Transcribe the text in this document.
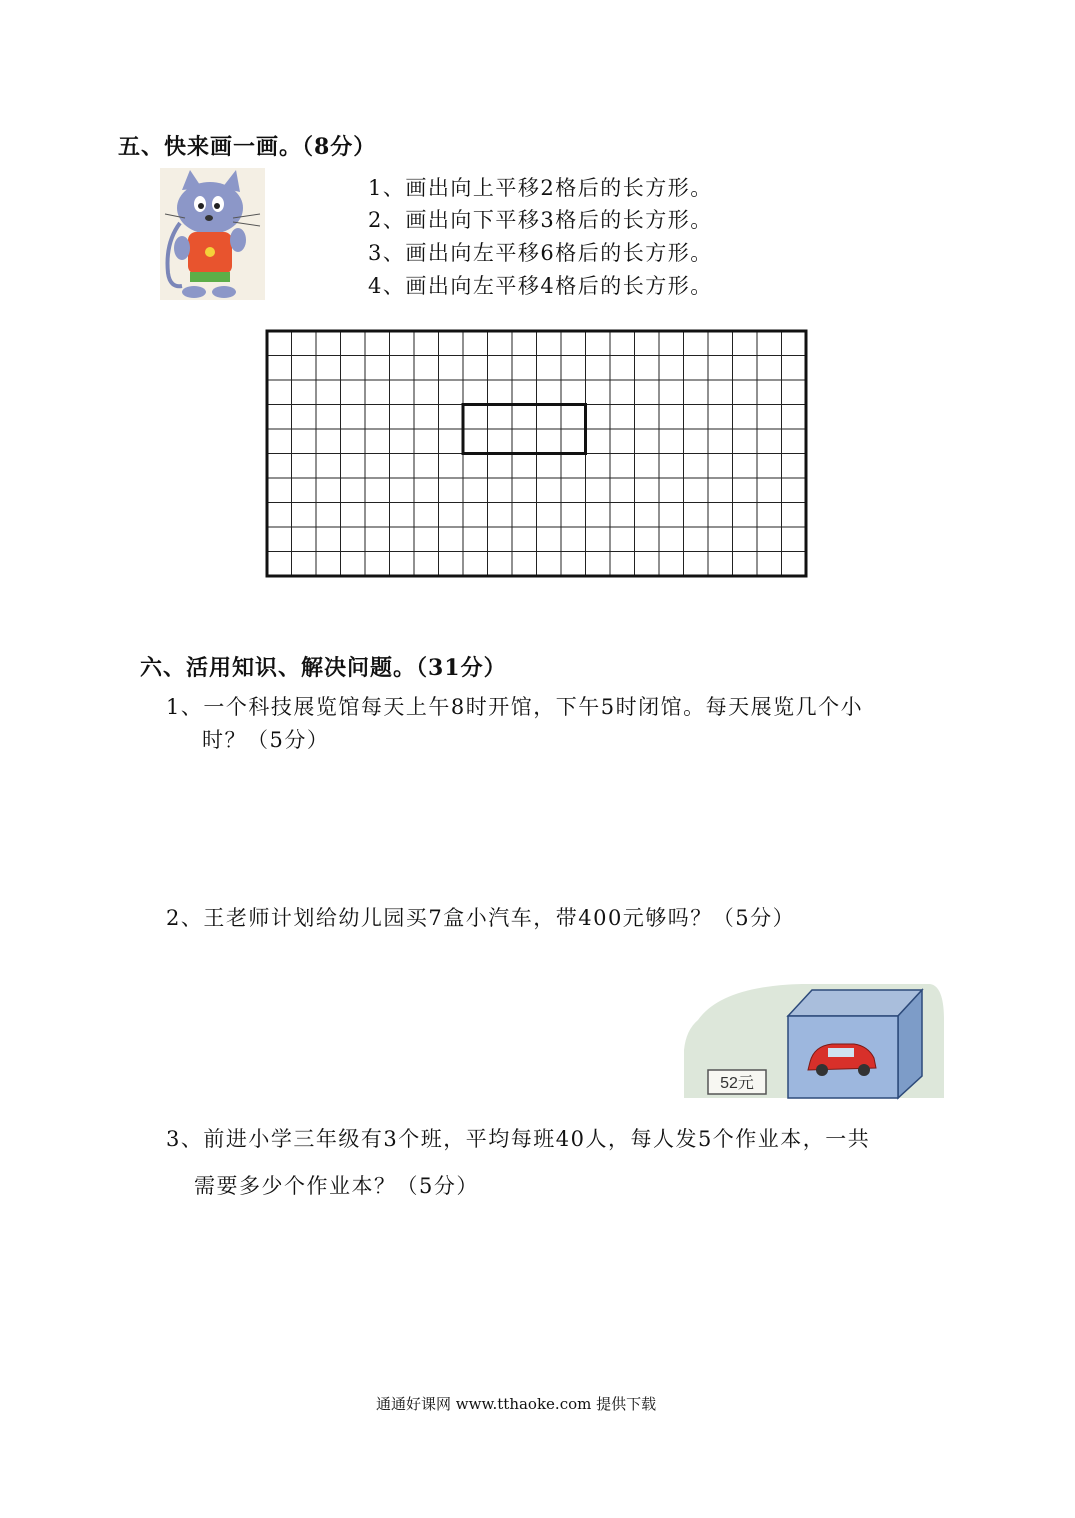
五、快来画一画。（8分）
1、画出向上平移2格后的长方形。
2、画出向下平移3格后的长方形。
3、画出向左平移6格后的长方形。
4、画出向左平移4格后的长方形。
六、活用知识、解决问题。（31分）
1、一个科技展览馆每天上午8时开馆，下午5时闭馆。每天展览几个小
时？（5分）
2、王老师计划给幼儿园买7盒小汽车，带400元够吗？（5分）
52元
3、前进小学三年级有3个班，平均每班40人，每人发5个作业本，一共
需要多少个作业本？（5分）
通通好课网 www.tthaoke.com 提供下载
